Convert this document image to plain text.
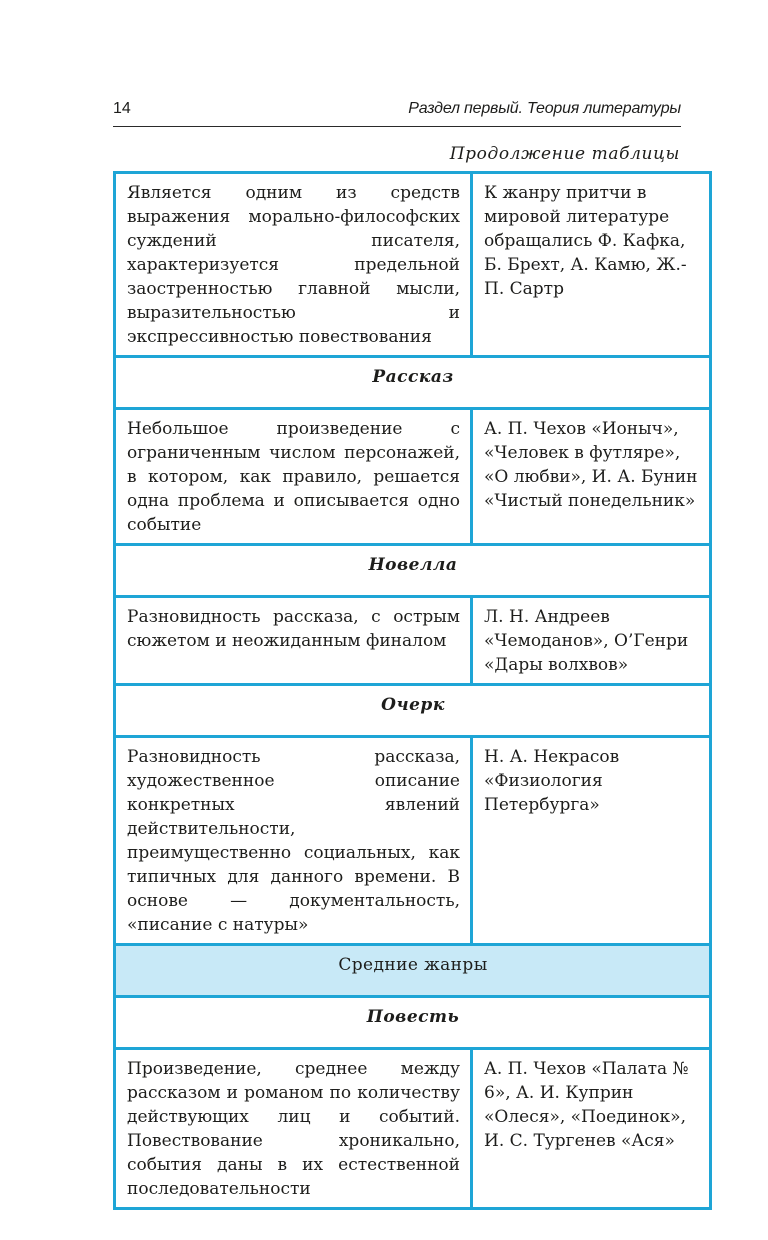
14	Раздел первый. Теория литературы
Продолжение таблицы
Является одним из средств выражения морально-философских суждений писателя, характеризуется предельной заостренностью главной мысли, выразительностью и экспрессивностью повествования	К жанру притчи в мировой литературе обращались Ф. Кафка, Б. Брехт, А. Камю, Ж.-П. Сартр
Рассказ	
Небольшое произведение с ограниченным числом персонажей, в котором, как правило, решается одна проблема и описывается одно событие	А. П. Чехов «Ионыч», «Человек в футляре», «О любви», И. А. Бунин «Чистый понедельник»
Новелла	
Разновидность рассказа, с острым сюжетом и неожиданным финалом	Л. Н. Андреев «Чемоданов», О’Генри «Дары волхвов»
Очерк	
Разновидность рассказа, художественное описание конкретных явлений действительности, преимущественно социальных, как типичных для данного времени. В основе — документальность, «писание с натуры»	Н. А. Некрасов «Физиология Петербурга»
Средние жанры	
Повесть	
Произведение, среднее между рассказом и романом по количеству действующих лиц и событий. Повествование хроникально, события даны в их естественной последовательности	А. П. Чехов «Палата № 6», А. И. Куприн «Олеся», «Поединок», И. С. Тургенев «Ася»
